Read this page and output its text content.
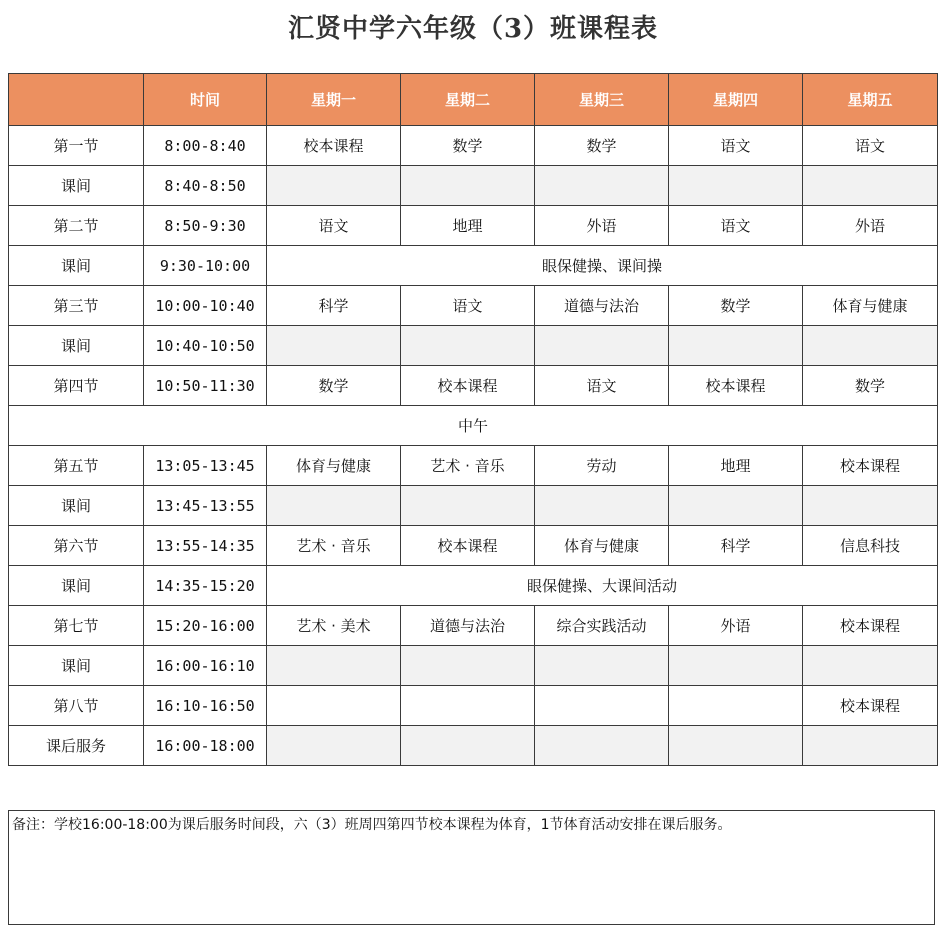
汇贤中学六年级（3）班课程表
	时间	星期一	星期二	星期三	星期四	星期五
第一节	8:00-8:40	校本课程	数学	数学	语文	语文
课间	8:40-8:50					
第二节	8:50-9:30	语文	地理	外语	语文	外语
课间	9:30-10:00	眼保健操、课间操				
第三节	10:00-10:40	科学	语文	道德与法治	数学	体育与健康
课间	10:40-10:50					
第四节	10:50-11:30	数学	校本课程	语文	校本课程	数学
中午						
第五节	13:05-13:45	体育与健康	艺术 · 音乐	劳动	地理	校本课程
课间	13:45-13:55					
第六节	13:55-14:35	艺术 · 音乐	校本课程	体育与健康	科学	信息科技
课间	14:35-15:20	眼保健操、大课间活动				
第七节	15:20-16:00	艺术 · 美术	道德与法治	综合实践活动	外语	校本课程
课间	16:00-16:10					
第八节	16:10-16:50					校本课程
课后服务	16:00-18:00					
备注：学校16:00-18:00为课后服务时间段，六（3）班周四第四节校本课程为体育，1节体育活动安排在课后服务。
